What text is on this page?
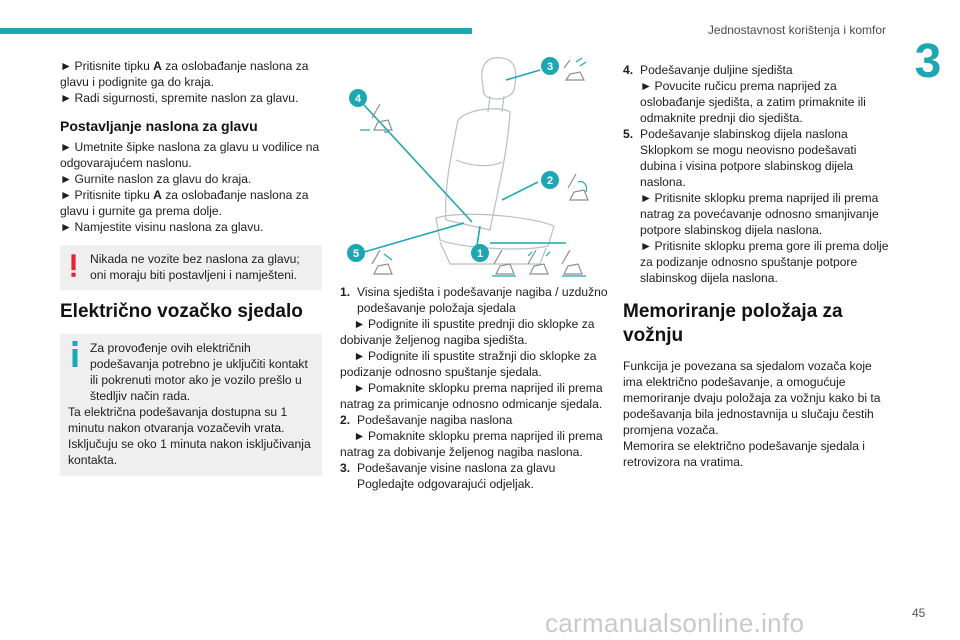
Jednostavnost korištenja i komfor
3

► Pritisnite tipku A za oslobađanje naslona za glavu i podignite ga do kraja.

► Radi sigurnosti, spremite naslon za glavu.

Postavljanje naslona za glavu

► Umetnite šipke naslona za glavu u vodilice na odgovarajućem naslonu.

► Gurnite naslon za glavu do kraja.

► Pritisnite tipku A za oslobađanje naslona za glavu i gurnite ga prema dolje.

► Namjestite visinu naslona za glavu.

Nikada ne vozite bez naslona za glavu; oni moraju biti postavljeni i namješteni.
Električno vozačko sjedalo

Za provođenje ovih električnih podešavanja potrebno je uključiti kontakt ili pokrenuti motor ako je vozilo prešlo u štedljiv način rada.

Ta električna podešavanja dostupna su 1 minutu nakon otvaranja vozačevih vrata.

Isključuju se oko 1 minuta nakon isključivanja kontakta.

3
4
2
5	1
1. Visina sjedišta i podešavanje nagiba / uzdužno podešavanje položaja sjedala

► Podignite ili spustite prednji dio sklopke za dobivanje željenog nagiba sjedišta.

► Podignite ili spustite stražnji dio sklopke za podizanje odnosno spuštanje sjedala.

► Pomaknite sklopku prema naprijed ili prema natrag za primicanje odnosno odmicanje sjedala.

2. Podešavanje nagiba naslona

► Pomaknite sklopku prema naprijed ili prema natrag za dobivanje željenog nagiba naslona.

3. Podešavanje visine naslona za glavu

Pogledajte odgovarajući odjeljak.

4. Podešavanje duljine sjedišta

► Povucite ručicu prema naprijed za oslobađanje sjedišta, a zatim primaknite ili odmaknite prednji dio sjedišta.

5. Podešavanje slabinskog dijela naslona

Sklopkom se mogu neovisno podešavati dubina i visina potpore slabinskog dijela naslona.

► Pritisnite sklopku prema naprijed ili prema natrag za povećavanje odnosno smanjivanje potpore slabinskog dijela naslona.

► Pritisnite sklopku prema gore ili prema dolje za podizanje odnosno spuštanje potpore slabinskog dijela naslona.

Memoriranje položaja za vožnju

Funkcija je povezana sa sjedalom vozača koje ima električno podešavanje, a omogućuje memoriranje dvaju položaja za vožnju kako bi ta podešavanja bila jednostavnija u slučaju čestih promjena vozača.

Memorira se električno podešavanje sjedala i retrovizora na vratima.

carmanualsonline.info	45
